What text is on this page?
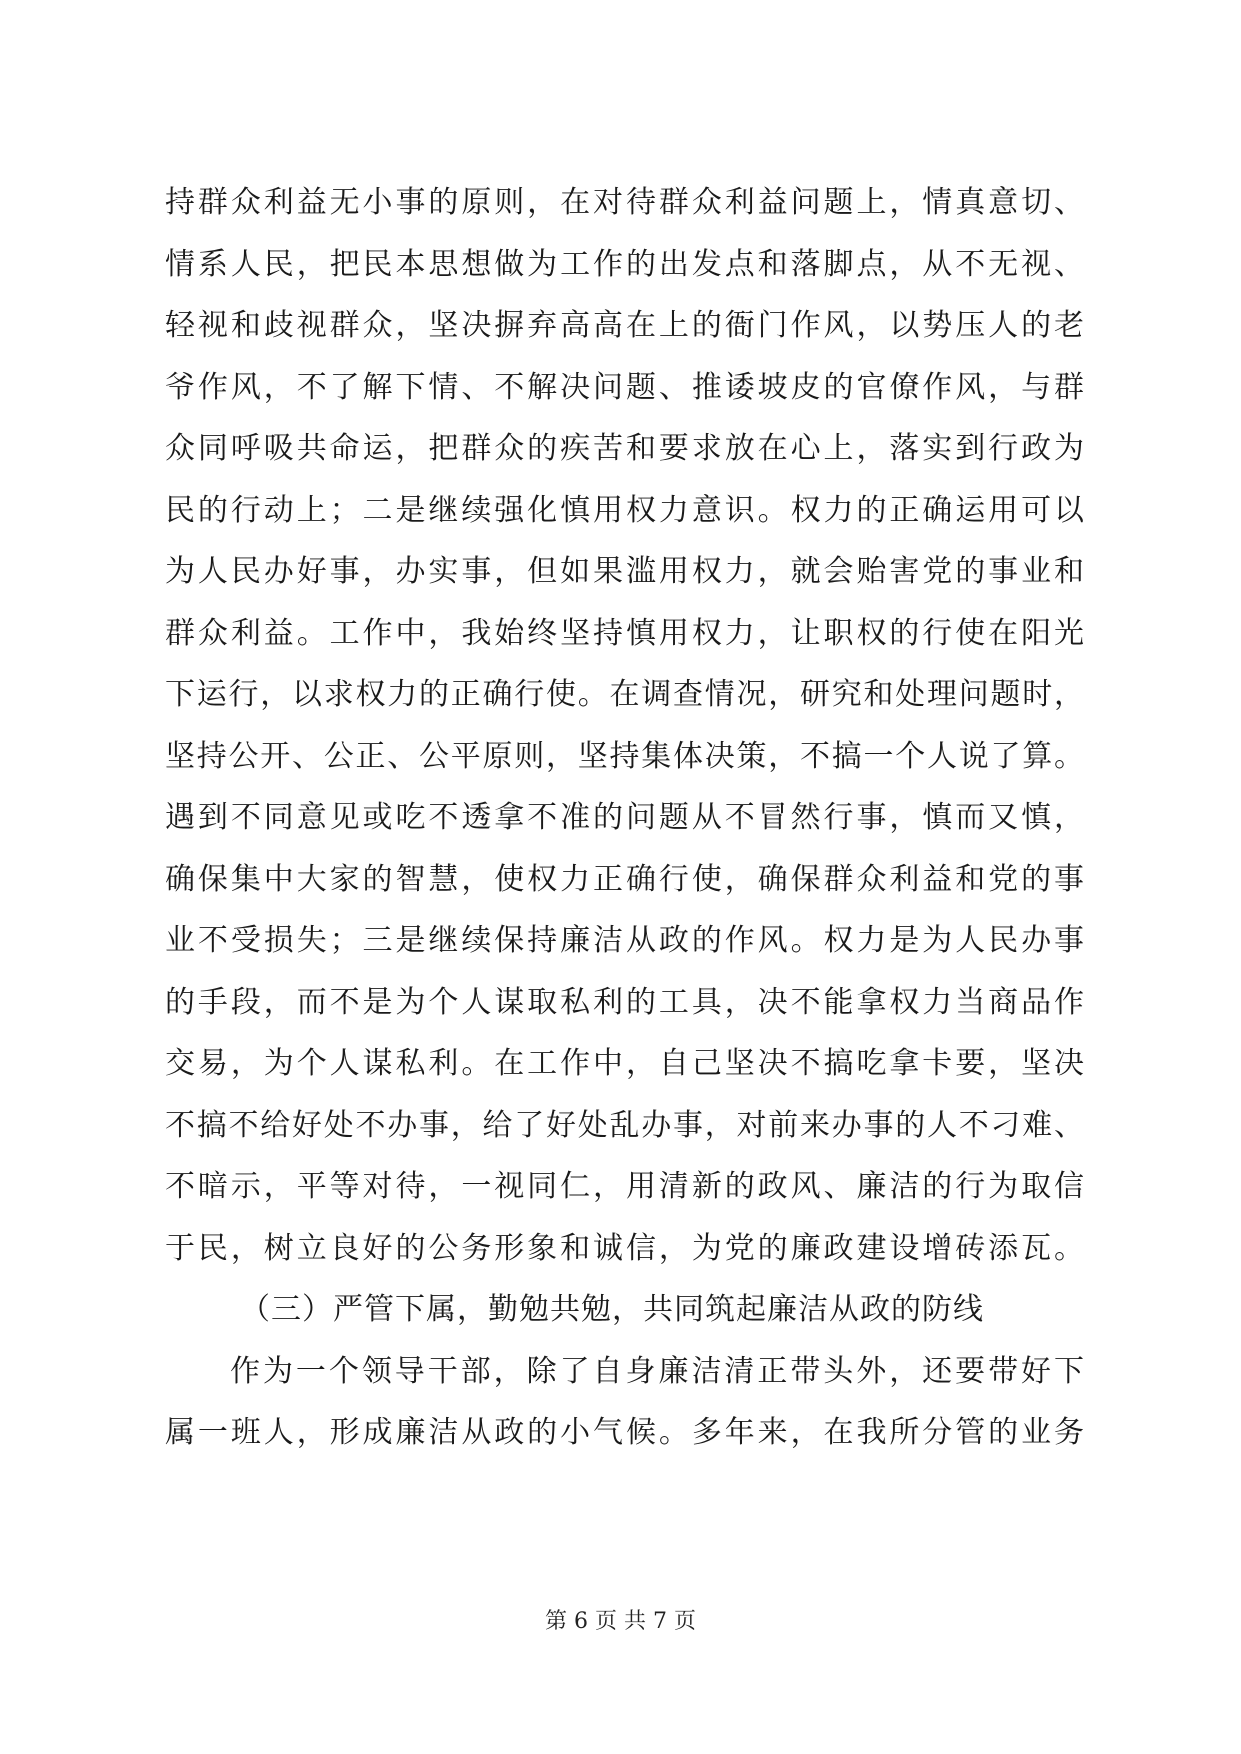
持群众利益无小事的原则，在对待群众利益问题上，情真意切、
情系人民，把民本思想做为工作的出发点和落脚点，从不无视、
轻视和歧视群众，坚决摒弃高高在上的衙门作风，以势压人的老
爷作风，不了解下情、不解决问题、推诿坡皮的官僚作风，与群
众同呼吸共命运，把群众的疾苦和要求放在心上，落实到行政为
民的行动上；二是继续强化慎用权力意识。权力的正确运用可以
为人民办好事，办实事，但如果滥用权力，就会贻害党的事业和
群众利益。工作中，我始终坚持慎用权力，让职权的行使在阳光
下运行，以求权力的正确行使。在调查情况，研究和处理问题时，
坚持公开、公正、公平原则，坚持集体决策，不搞一个人说了算。
遇到不同意见或吃不透拿不准的问题从不冒然行事，慎而又慎，
确保集中大家的智慧，使权力正确行使，确保群众利益和党的事
业不受损失；三是继续保持廉洁从政的作风。权力是为人民办事
的手段，而不是为个人谋取私利的工具，决不能拿权力当商品作
交易，为个人谋私利。在工作中，自己坚决不搞吃拿卡要，坚决
不搞不给好处不办事，给了好处乱办事，对前来办事的人不刁难、
不暗示，平等对待，一视同仁，用清新的政风、廉洁的行为取信
于民，树立良好的公务形象和诚信，为党的廉政建设增砖添瓦。
（三）严管下属，勤勉共勉，共同筑起廉洁从政的防线
作为一个领导干部，除了自身廉洁清正带头外，还要带好下
属一班人，形成廉洁从政的小气候。多年来，在我所分管的业务
第 6 页 共 7 页
